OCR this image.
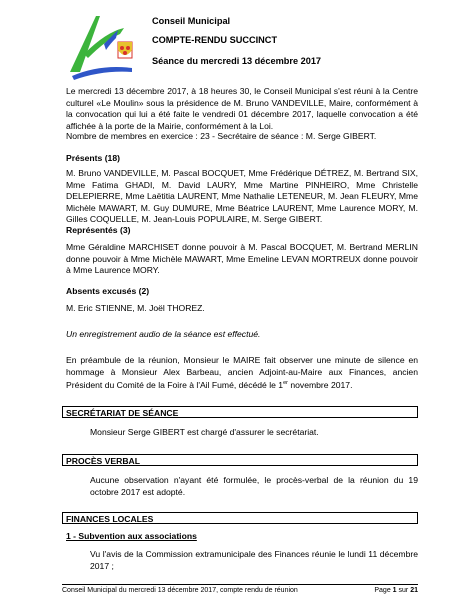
Conseil Municipal
COMPTE-RENDU SUCCINCT
Séance du mercredi 13 décembre 2017

Le mercredi 13 décembre 2017, à 18 heures 30, le Conseil Municipal s'est réuni à la Centre culturel «Le Moulin» sous la présidence de M. Bruno VANDEVILLE, Maire, conformément à la convocation qui lui a été faite le vendredi 01 décembre 2017, laquelle convocation a été affichée à la porte de la Mairie, conformément à la Loi.

Nombre de membres en exercice : 23 - Secrétaire de séance : M. Serge GIBERT.

Présents (18)

M. Bruno VANDEVILLE, M. Pascal BOCQUET, Mme Frédérique DÉTREZ, M. Bertrand SIX, Mme Fatima GHADI, M. David LAURY, Mme Martine PINHEIRO, Mme Christelle DELEPIERRE, Mme Laëtitia LAURENT, Mme Nathalie LETENEUR, M. Jean FLEURY, Mme Michèle MAWART, M. Guy DUMURE, Mme Béatrice LAURENT, Mme Laurence MORY, M. Gilles COQUELLE, M. Jean-Louis POPULAIRE, M. Serge GIBERT.

Représentés (3)

Mme Géraldine MARCHISET donne pouvoir à M. Pascal BOCQUET, M. Bertrand MERLIN donne pouvoir à Mme Michèle MAWART, Mme Emeline LEVAN MORTREUX donne pouvoir à Mme Laurence MORY.

Absents excusés (2)

M. Eric STIENNE, M. Joël THOREZ.

Un enregistrement audio de la séance est effectué.

En préambule de la réunion, Monsieur le MAIRE fait observer une minute de silence en hommage à Monsieur Alex Barbeau, ancien Adjoint-au-Maire aux Finances, ancien Président du Comité de la Foire à l'Ail Fumé, décédé le 1er novembre 2017.

SECRÉTARIAT DE SÉANCE

Monsieur Serge GIBERT est chargé d'assurer le secrétariat.

PROCÈS VERBAL

Aucune observation n'ayant été formulée, le procès-verbal de la réunion du 19 octobre 2017 est adopté.

FINANCES LOCALES
1 - Subvention aux associations

Vu l'avis de la Commission extramunicipale des Finances réunie le lundi 11 décembre 2017 ;

Conseil Municipal du mercredi 13 décembre 2017, compte rendu de réunion	Page 1 sur 21
